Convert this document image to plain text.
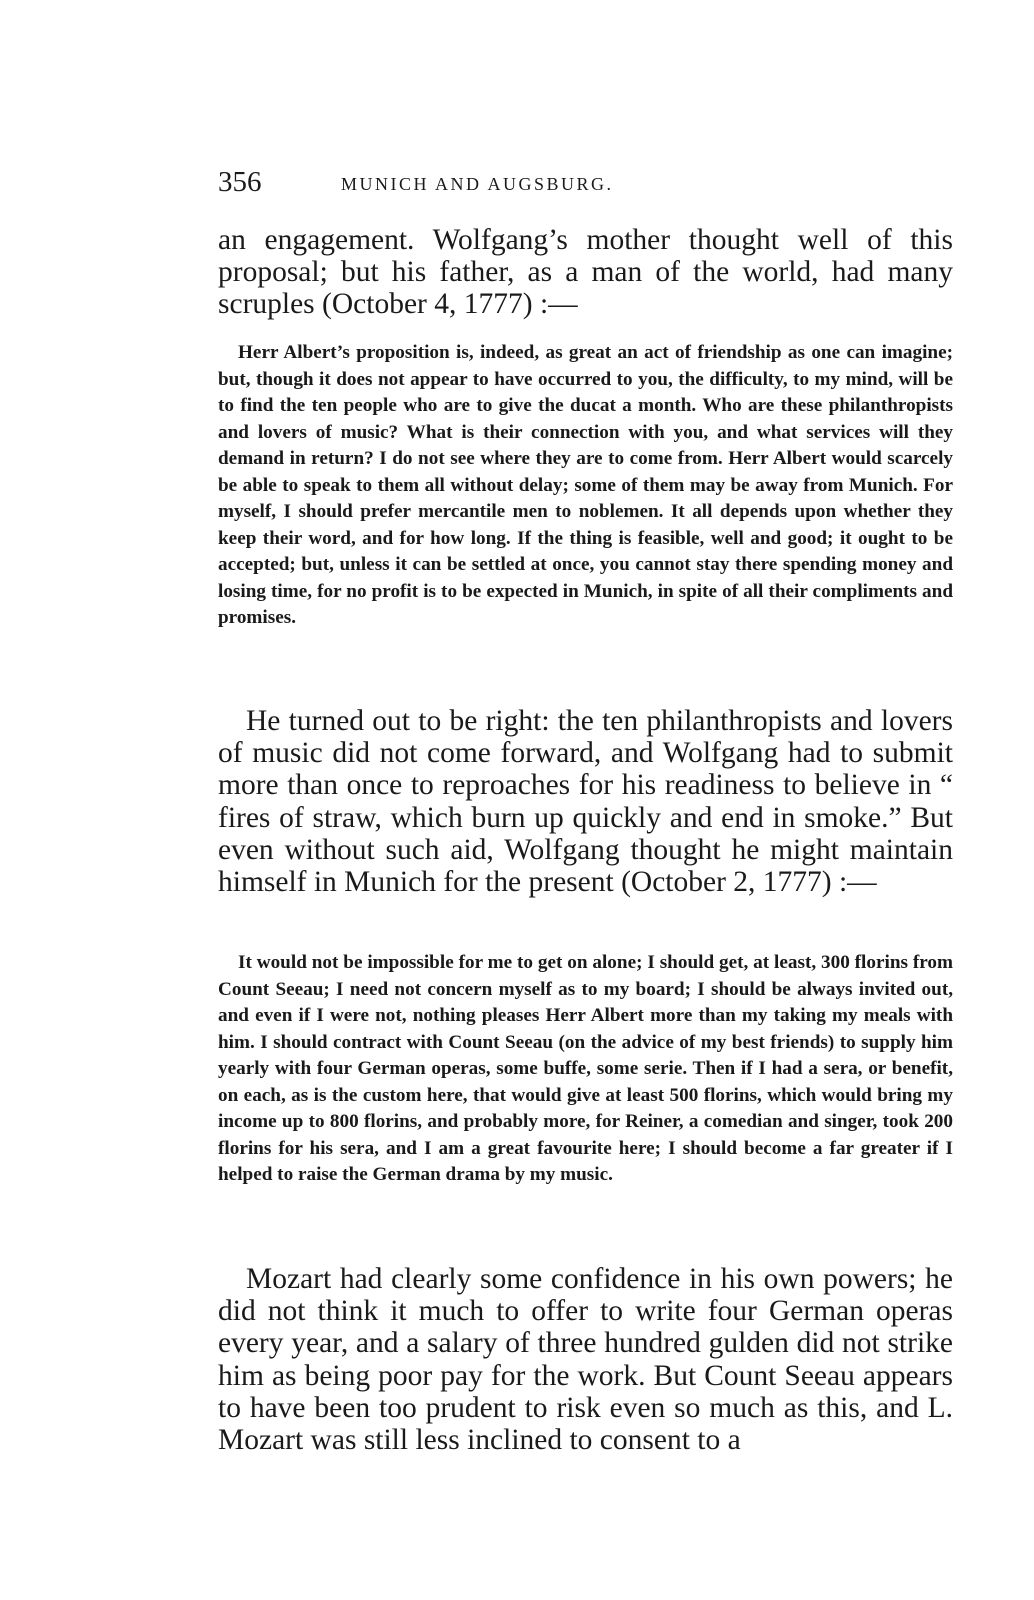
356	MUNICH AND AUGSBURG.

an engagement. Wolfgang’s mother thought well of this proposal; but his father, as a man of the world, had many scruples (October 4, 1777) :—

Herr Albert’s proposition is, indeed, as great an act of friendship as one can imagine; but, though it does not appear to have occurred to you, the difficulty, to my mind, will be to find the ten people who are to give the ducat a month. Who are these philanthropists and lovers of music? What is their connection with you, and what services will they demand in return? I do not see where they are to come from. Herr Albert would scarcely be able to speak to them all without delay; some of them may be away from Munich. For myself, I should prefer mercantile men to noblemen. It all depends upon whether they keep their word, and for how long. If the thing is feasible, well and good; it ought to be accepted; but, unless it can be settled at once, you cannot stay there spending money and losing time, for no profit is to be expected in Munich, in spite of all their compliments and promises.

He turned out to be right: the ten philanthropists and lovers of music did not come forward, and Wolfgang had to submit more than once to reproaches for his readiness to believe in “ fires of straw, which burn up quickly and end in smoke.” But even without such aid, Wolfgang thought he might maintain himself in Munich for the present (October 2, 1777) :—

It would not be impossible for me to get on alone; I should get, at least, 300 florins from Count Seeau; I need not concern myself as to my board; I should be always invited out, and even if I were not, nothing pleases Herr Albert more than my taking my meals with him. I should contract with Count Seeau (on the advice of my best friends) to supply him yearly with four German operas, some buffe, some serie. Then if I had a sera, or benefit, on each, as is the custom here, that would give at least 500 florins, which would bring my income up to 800 florins, and probably more, for Reiner, a comedian and singer, took 200 florins for his sera, and I am a great favourite here; I should become a far greater if I helped to raise the German drama by my music.

Mozart had clearly some confidence in his own powers; he did not think it much to offer to write four German operas every year, and a salary of three hundred gulden did not strike him as being poor pay for the work. But Count Seeau appears to have been too prudent to risk even so much as this, and L. Mozart was still less inclined to consent to a
